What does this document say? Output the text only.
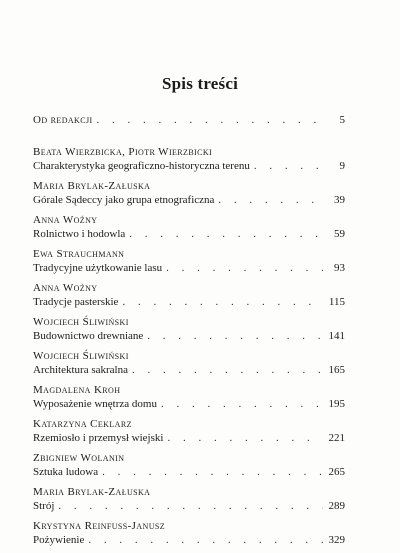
Spis treści
Od redakcji . . .	5
Beata Wierzbicka, Piotr Wierzbicki
Charakterystyka geograficzno-historyczna terenu . . .	9
Maria Brylak-Załuska
Górale Sądeccy jako grupa etnograficzna . . .	39
Anna Woźny
Rolnictwo i hodowla . . .	59
Ewa Strauchmann
Tradycyjne użytkowanie lasu . . .	93
Anna Woźny
Tradycje pasterskie . . .	115
Wojciech Śliwiński
Budownictwo drewniane . . .	141
Wojciech Śliwiński
Architektura sakralna . . .	165
Magdalena Kroh
Wyposażenie wnętrza domu . . .	195
Katarzyna Ceklarz
Rzemiosło i przemysł wiejski . . .	221
Zbigniew Wolanin
Sztuka ludowa . . .	265
Maria Brylak-Załuska
Strój . . .	289
Krystyna Reinfuss-Janusz
Pożywienie . . .	329
